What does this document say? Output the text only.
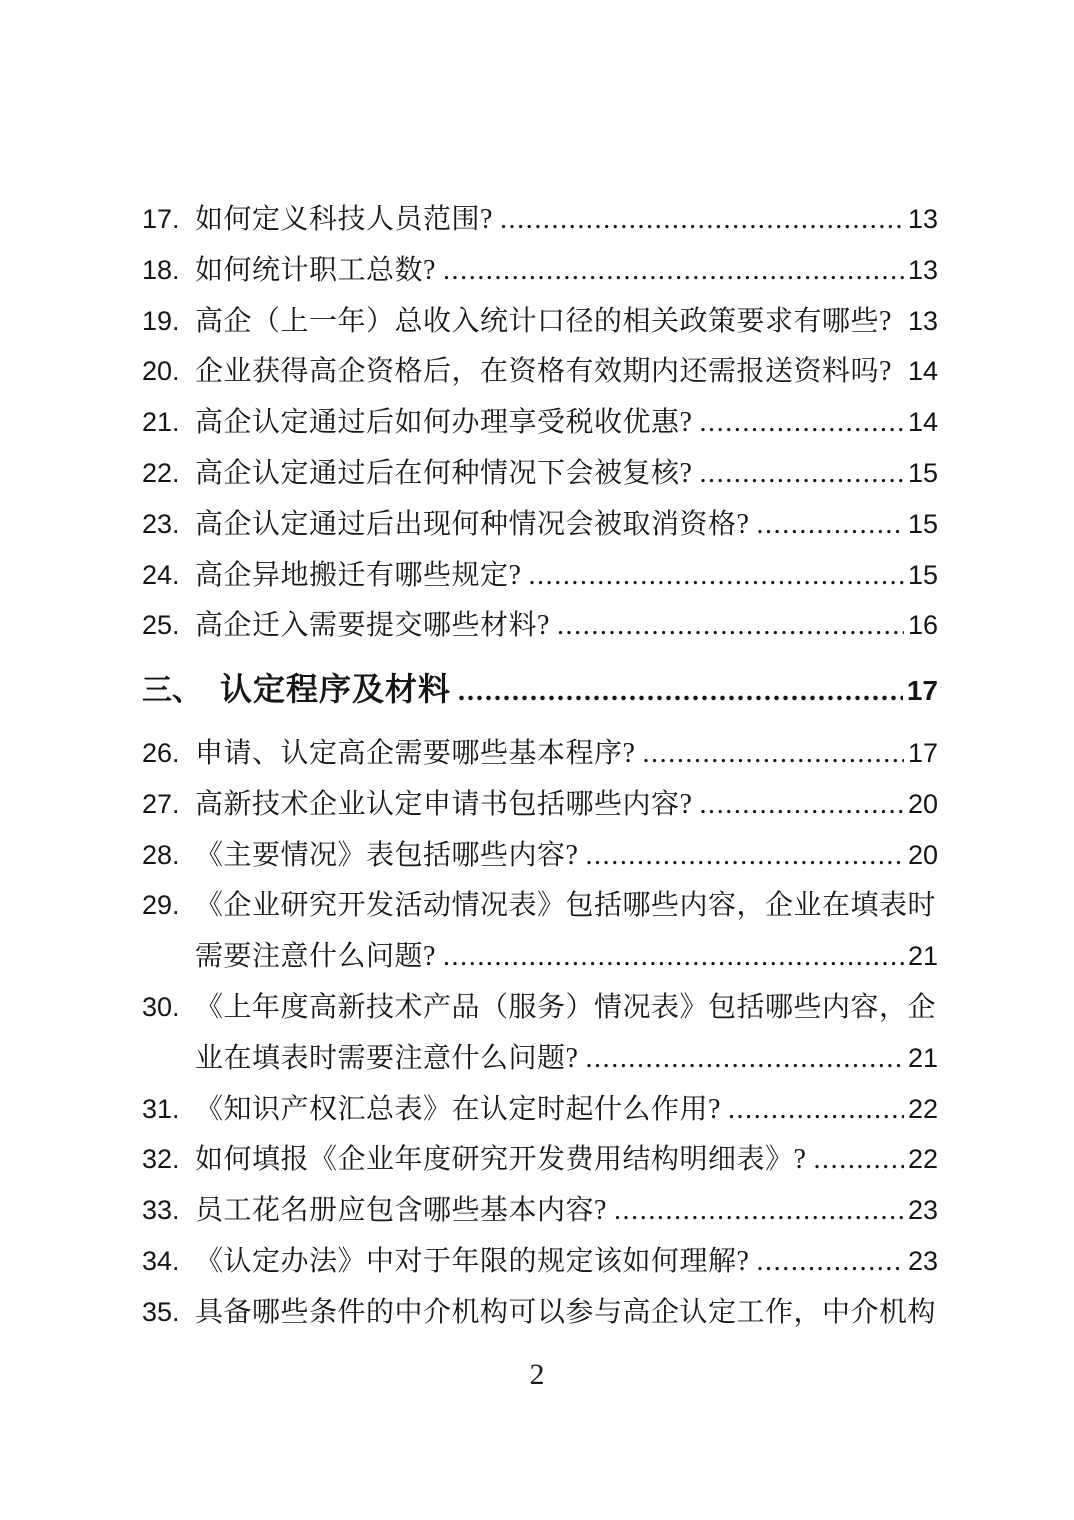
17. 如何定义科技人员范围? .....	13
18. 如何统计职工总数? .....	13
19. 高企（上一年）总收入统计口径的相关政策要求有哪些? 13
20. 企业获得高企资格后，在资格有效期内还需报送资料吗? 14
21. 高企认定通过后如何办理享受税收优惠? .....	14
22. 高企认定通过后在何种情况下会被复核? .....	15
23. 高企认定通过后出现何种情况会被取消资格? .....	15
24. 高企异地搬迁有哪些规定? .....	15
25. 高企迁入需要提交哪些材料? .....	16
三、 认定程序及材料 .....	17
26. 申请、认定高企需要哪些基本程序? .....	17
27. 高新技术企业认定申请书包括哪些内容? .....	20
28. 《主要情况》表包括哪些内容? .....	20
29. 《企业研究开发活动情况表》包括哪些内容，企业在填表时
需要注意什么问题? .....	21
30. 《上年度高新技术产品（服务）情况表》包括哪些内容，企
业在填表时需要注意什么问题? .....	21
31. 《知识产权汇总表》在认定时起什么作用? .....	22
32. 如何填报《企业年度研究开发费用结构明细表》? .....	22
33. 员工花名册应包含哪些基本内容? .....	23
34. 《认定办法》中对于年限的规定该如何理解? .....	23
35. 具备哪些条件的中介机构可以参与高企认定工作，中介机构
2
